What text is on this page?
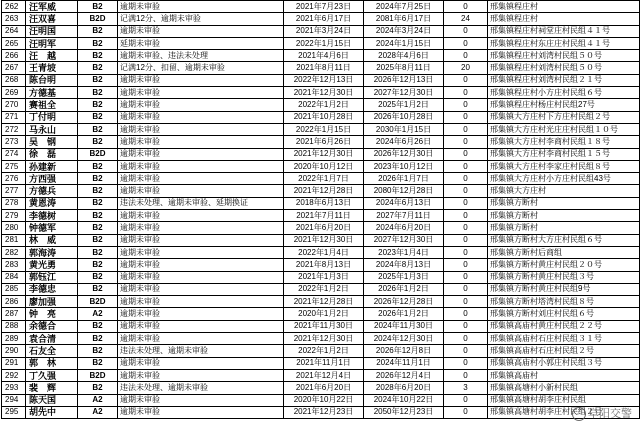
262	汪军威	B2	逾期未审验	2021年7月23日	2024年7月25日	0	邢集镇程庄村
263	汪双喜	B2D	记满12分、逾期未审验	2021年6月17日	2081年6月17日	24	邢集镇程庄村
264	汪明国	B2	逾期未审验	2021年3月24日	2024年3月24日	0	邢集镇程庄村祠堂庄村民组４１号
265	汪明军	B2	延期未审验	2022年1月15日	2024年1月15日	0	邢集镇程庄村东庄庄村民组４１号
266	汪　越	B2	逾期未审验、违法未处理	2021年4月6日	2028年4月6日	0	邢集镇程庄村刘湾村民组５０号
267	王青坡	B2	记满12分、扣留、逾期未审验	2021年8月11日	2025年8月11日	20	邢集镇程庄村刘湾村民组５０号
268	陈台明	B2	逾期未审验	2022年12月13日	2026年12月13日	0	邢集镇程庄村刘湾村民组２１号
269	方德基	B2	逾期未审验	2021年12月30日	2027年12月30日	0	邢集镇程庄村小方庄村民组６号
270	赛祖全	B2	逾期未审验	2022年1月2日	2025年1月2日	0	邢集镇程庄村杨庄村民组27号
271	丁付明	B2	逾期未审验	2021年10月28日	2026年10月28日	0	邢集镇大方庄村下方庄村民组２号
272	马永山	B2	逾期未审验	2022年1月15日	2030年1月15日	0	邢集镇大方庄村光庄庄村民组１０号
273	吴　钢	B2	逾期未审验	2021年6月26日	2024年6月26日	0	邢集镇大方庄村李商村民组１８号
274	徐　磊	B2D	逾期未审验	2021年12月30日	2026年12月30日	0	邢集镇大方庄村李商村民组１５号
275	孙建新	B2	逾期未审验	2020年10月12日	2023年10月12日	0	邢集镇大方庄村李家庄村民组８号
276	方西强	B2	逾期未审验	2022年1月7日	2026年1月7日	0	邢集镇大方庄村小方庄村民组43号
277	方德兵	B2	逾期未审验	2021年12月28日	2080年12月28日	0	邢集镇大方庄村
278	黄恩涛	B2	违法未处理、逾期未审验、延期换证	2018年6月13日	2024年6月13日	0	邢集镇方断村
279	李德树	B2	逾期未审验	2021年7月11日	2027年7月11日	0	邢集镇方断村
280	钟德军	B2	逾期未审验	2021年6月20日	2024年6月20日	0	邢集镇方断村
281	林　威	B2	逾期未审验	2021年12月30日	2027年12月30日	0	邢集镇方断村大方庄村民组６号
282	郭海涛	B2	逾期未审验	2022年1月4日	2023年1月4日	0	邢集镇方断村后商组
283	黄光勇	B2	逾期未审验	2021年8月13日	2024年8月13日	0	邢集镇方断村黄庄村民组２０号
284	郭钰江	B2	逾期未审验	2021年1月3日	2025年1月3日	0	邢集镇方断村黄庄村民组３号
285	李德忠	B2	逾期未审验	2022年1月2日	2026年1月2日	0	邢集镇方断村黄庄村民组9号
286	廖加强	B2D	逾期未审验	2021年12月28日	2026年12月28日	0	邢集镇方断村塔湾村民组８号
287	钟　亮	A2	逾期未审验	2020年1月2日	2026年1月2日	0	邢集镇方断村刘庄村民组６号
288	余德合	B2	逾期未审验	2021年11月30日	2024年11月30日	0	邢集镇高庙村黄庄村民组２２号
289	袁合清	B2	逾期未审验	2021年12月30日	2024年12月30日	0	邢集镇高庙村石庄村民组３１号
290	石友全	B2	违法未处理、逾期未审验	2022年1月2日	2026年12月8日	0	邢集镇高庙村石庄村民组２号
291	郭　林	B2	逾期未审验	2021年11月1日	2024年11月1日	0	邢集镇高庙村小郭庄村民组３号
292	丁久强	B2D	逾期未审验	2021年12月4日	2026年12月4日	0	邢集镇高庙村
293	裴　辉	B2	违法未处理、逾期未审验	2021年6月20日	2028年6月20日	3	邢集镇高塘村小新村民组
294	陈天国	A2	逾期未审验	2020年10月22日	2024年10月22日	0	邢集镇高塘村胡李庄村民组
295	胡先中	A2	逾期未审验	2021年12月23日	2050年12月23日	0	邢集镇高塘村胡李庄村民组２号
阜阳交警
